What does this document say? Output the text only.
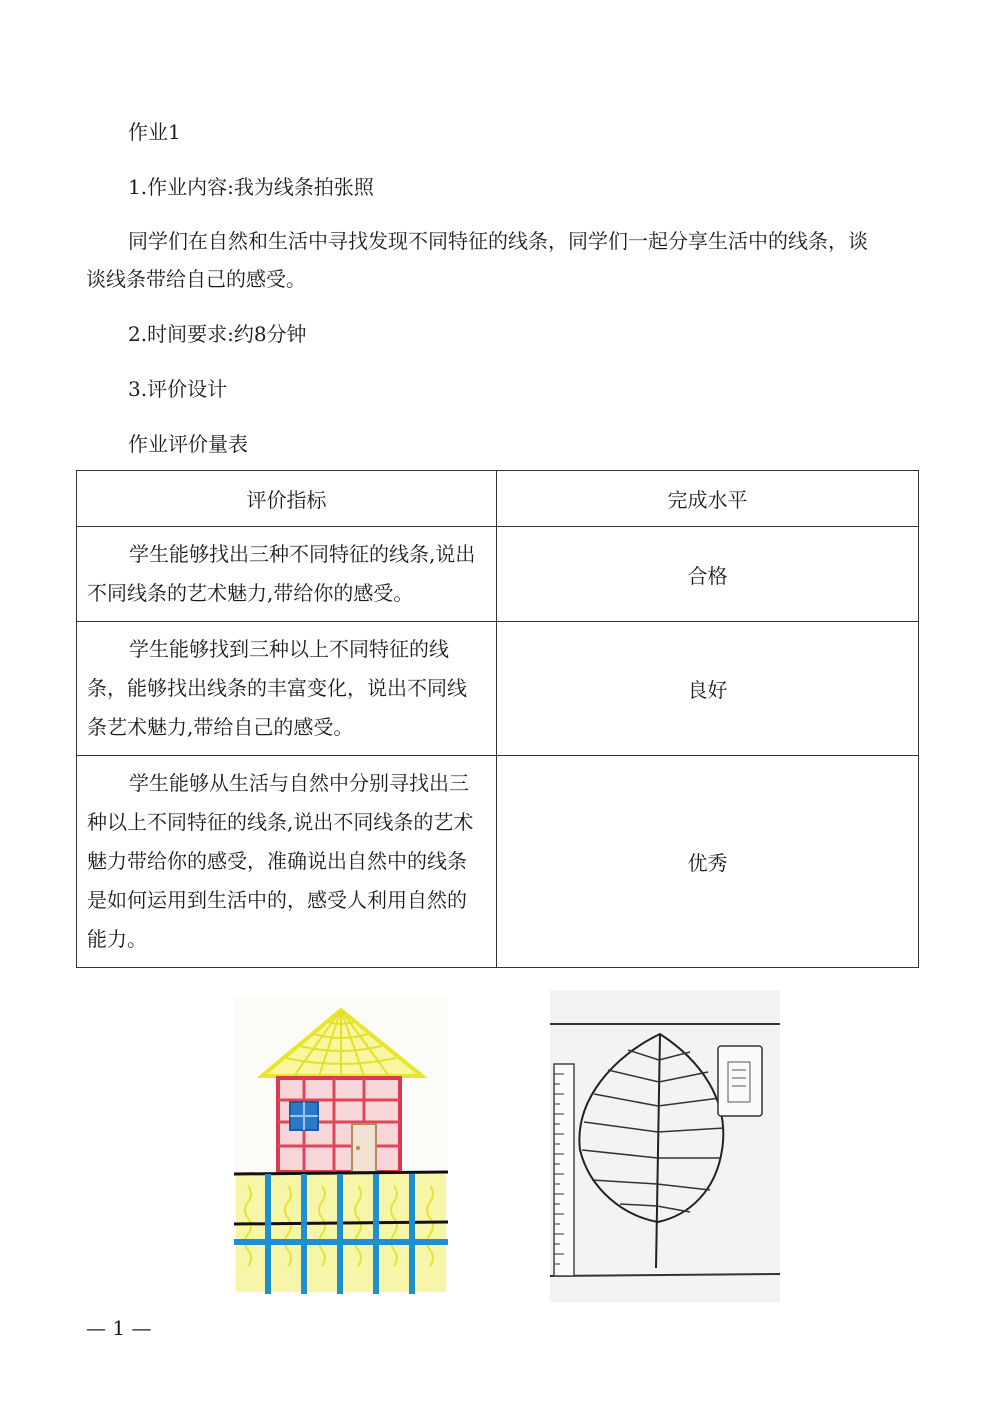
作业1
1.作业内容:我为线条拍张照
同学们在自然和生活中寻找发现不同特征的线条，同学们一起分享生活中的线条，谈谈线条带给自己的感受。
2.时间要求:约8分钟
3.评价设计
作业评价量表
评价指标	完成水平
学生能够找出三种不同特征的线条,说出不同线条的艺术魅力,带给你的感受。	合格
学生能够找到三种以上不同特征的线条，能够找出线条的丰富变化，说出不同线条艺术魅力,带给自己的感受。	良好
学生能够从生活与自然中分别寻找出三种以上不同特征的线条,说出不同线条的艺术魅力带给你的感受，准确说出自然中的线条是如何运用到生活中的，感受人利用自然的能力。	优秀
— 1 —
